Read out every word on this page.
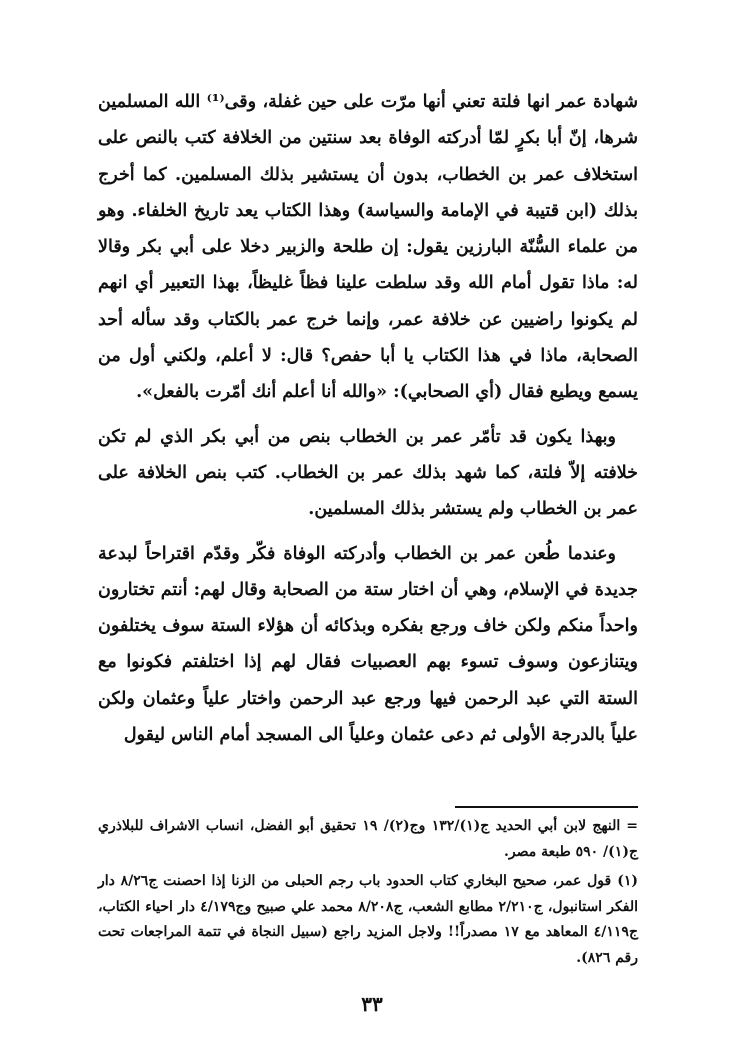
شهادة عمر انها فلتة تعني أنها مرّت على حين غفلة، وقى⁽¹⁾ الله المسلمين شرها، إنّ أبا بكرٍ لمّا أدركته الوفاة بعد سنتين من الخلافة كتب بالنص على استخلاف عمر بن الخطاب، بدون أن يستشير بذلك المسلمين. كما أخرج بذلك (ابن قتيبة في الإمامة والسياسة) وهذا الكتاب يعد تاريخ الخلفاء. وهو من علماء السُّنّة البارزين يقول: إن طلحة والزبير دخلا على أبي بكر وقالا له: ماذا تقول أمام الله وقد سلطت علينا فظاً غليظاً، بهذا التعبير أي انهم لم يكونوا راضيين عن خلافة عمر، وإنما خرج عمر بالكتاب وقد سأله أحد الصحابة، ماذا في هذا الكتاب يا أبا حفص؟ قال: لا أعلم، ولكني أول من يسمع ويطيع فقال (أي الصحابي): «والله أنا أعلم أنك أمّرت بالفعل».

وبهذا يكون قد تأمّر عمر بن الخطاب بنص من أبي بكر الذي لم تكن خلافته إلاّ فلتة، كما شهد بذلك عمر بن الخطاب. كتب بنص الخلافة على عمر بن الخطاب ولم يستشر بذلك المسلمين.

وعندما طُعن عمر بن الخطاب وأدركته الوفاة فكّر وقدّم اقتراحاً لبدعة جديدة في الإسلام، وهي أن اختار ستة من الصحابة وقال لهم: أنتم تختارون واحداً منكم ولكن خاف ورجع بفكره وبذكائه أن هؤلاء الستة سوف يختلفون ويتنازعون وسوف تسوء بهم العصبيات فقال لهم إذا اختلفتم فكونوا مع الستة التي عبد الرحمن فيها ورجع عبد الرحمن واختار علياً وعثمان ولكن علياً بالدرجة الأولى ثم دعى عثمان وعلياً الى المسجد أمام الناس ليقول

=النهج لابن أبي الحديد ج(١)/١٣٢ وج(٢)/ ١٩ تحقيق أبو الفضل، انساب الاشراف للبلاذري ج(١)/ ٥٩٠ طبعة مصر.

(١)قول عمر، صحيح البخاري كتاب الحدود باب رجم الحبلى من الزنا إذا احصنت ج٨/٢٦ دار الفكر استانبول، ج٢/٢١٠ مطابع الشعب، ج٨/٢٠٨ محمد علي صبيح وج٤/١٧٩ دار احياء الكتاب، ج٤/١١٩ المعاهد مع ١٧ مصدراً!! ولاجل المزيد راجع (سبيل النجاة في تتمة المراجعات تحت رقم ٨٢٦).

٣٣
